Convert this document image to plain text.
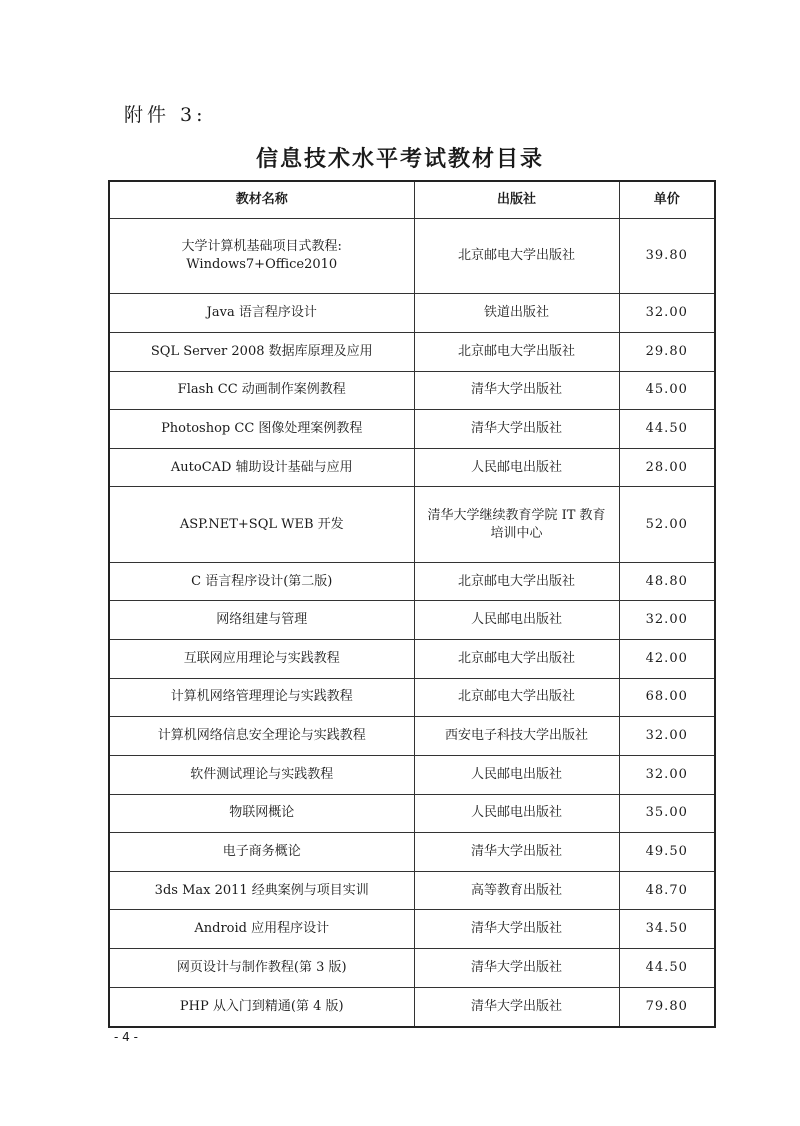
附件 3:
信息技术水平考试教材目录
教材名称	出版社	单价
大学计算机基础项目式教程:
Windows7+Office2010	北京邮电大学出版社	39.80
Java 语言程序设计	铁道出版社	32.00
SQL Server 2008 数据库原理及应用	北京邮电大学出版社	29.80
Flash CC 动画制作案例教程	清华大学出版社	45.00
Photoshop CC 图像处理案例教程	清华大学出版社	44.50
AutoCAD 辅助设计基础与应用	人民邮电出版社	28.00
ASP.NET+SQL WEB 开发	清华大学继续教育学院 IT 教育
培训中心	52.00
C 语言程序设计(第二版)	北京邮电大学出版社	48.80
网络组建与管理	人民邮电出版社	32.00
互联网应用理论与实践教程	北京邮电大学出版社	42.00
计算机网络管理理论与实践教程	北京邮电大学出版社	68.00
计算机网络信息安全理论与实践教程	西安电子科技大学出版社	32.00
软件测试理论与实践教程	人民邮电出版社	32.00
物联网概论	人民邮电出版社	35.00
电子商务概论	清华大学出版社	49.50
3ds Max 2011 经典案例与项目实训	高等教育出版社	48.70
Android 应用程序设计	清华大学出版社	34.50
网页设计与制作教程(第 3 版)	清华大学出版社	44.50
PHP 从入门到精通(第 4 版)	清华大学出版社	79.80
- 4 -
